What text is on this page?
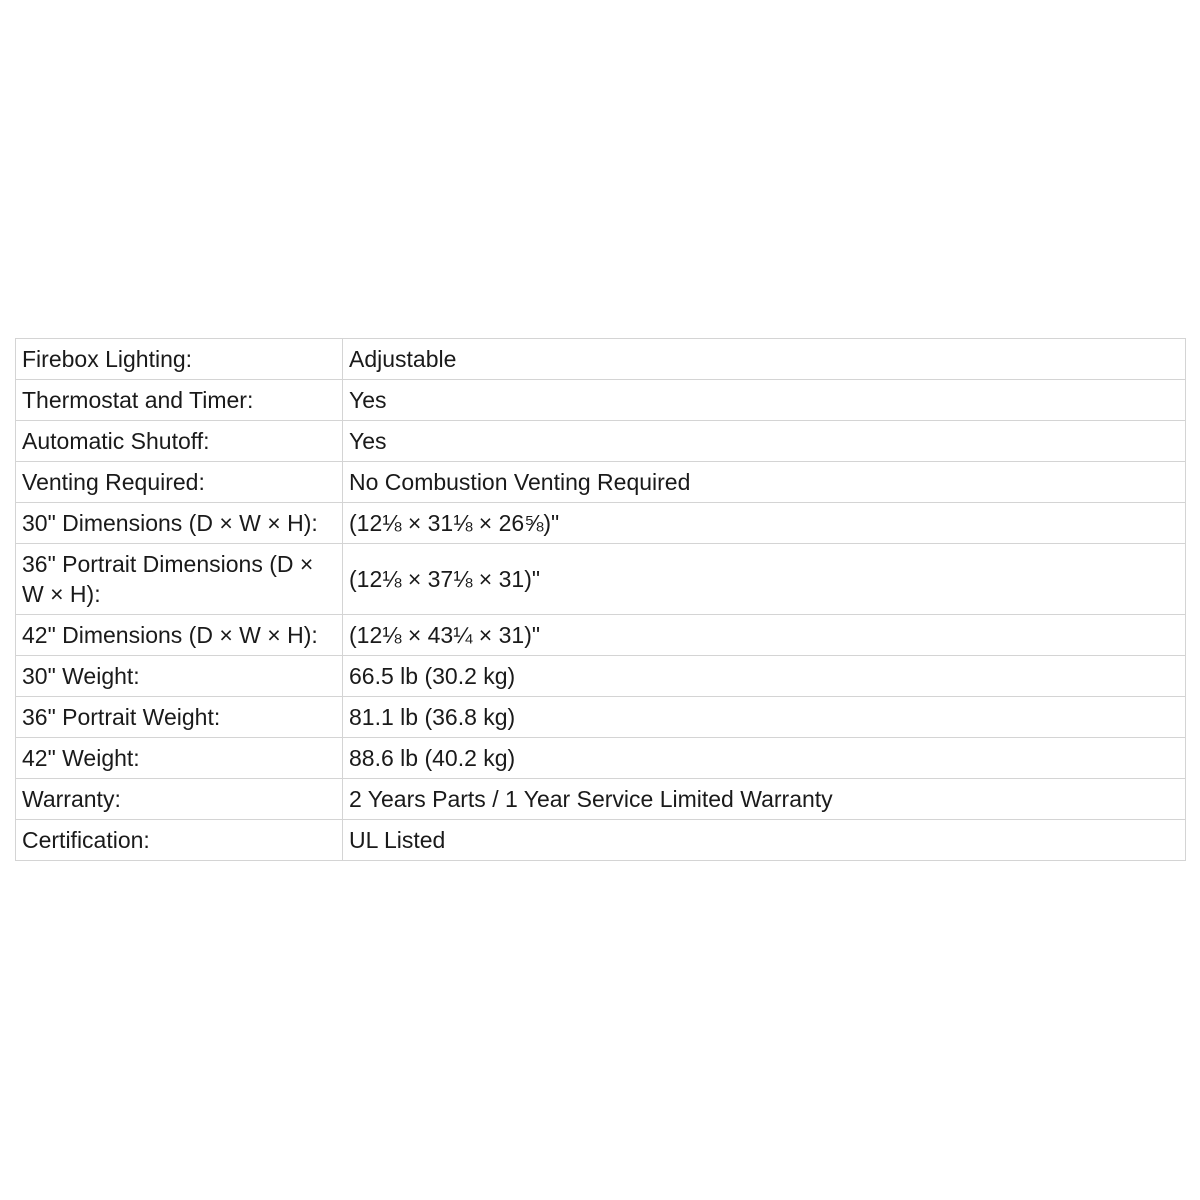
Firebox Lighting:	Adjustable
Thermostat and Timer:	Yes
Automatic Shutoff:	Yes
Venting Required:	No Combustion Venting Required
30" Dimensions (D × W × H):	(12⅛ × 31⅛ × 26⅝)"
36" Portrait Dimensions (D × W × H):	(12⅛ × 37⅛ × 31)"
42" Dimensions (D × W × H):	(12⅛ × 43¼ × 31)"
30" Weight:	66.5 lb (30.2 kg)
36" Portrait Weight:	81.1 lb (36.8 kg)
42" Weight:	88.6 lb (40.2 kg)
Warranty:	2 Years Parts / 1 Year Service Limited Warranty
Certification:	UL Listed
